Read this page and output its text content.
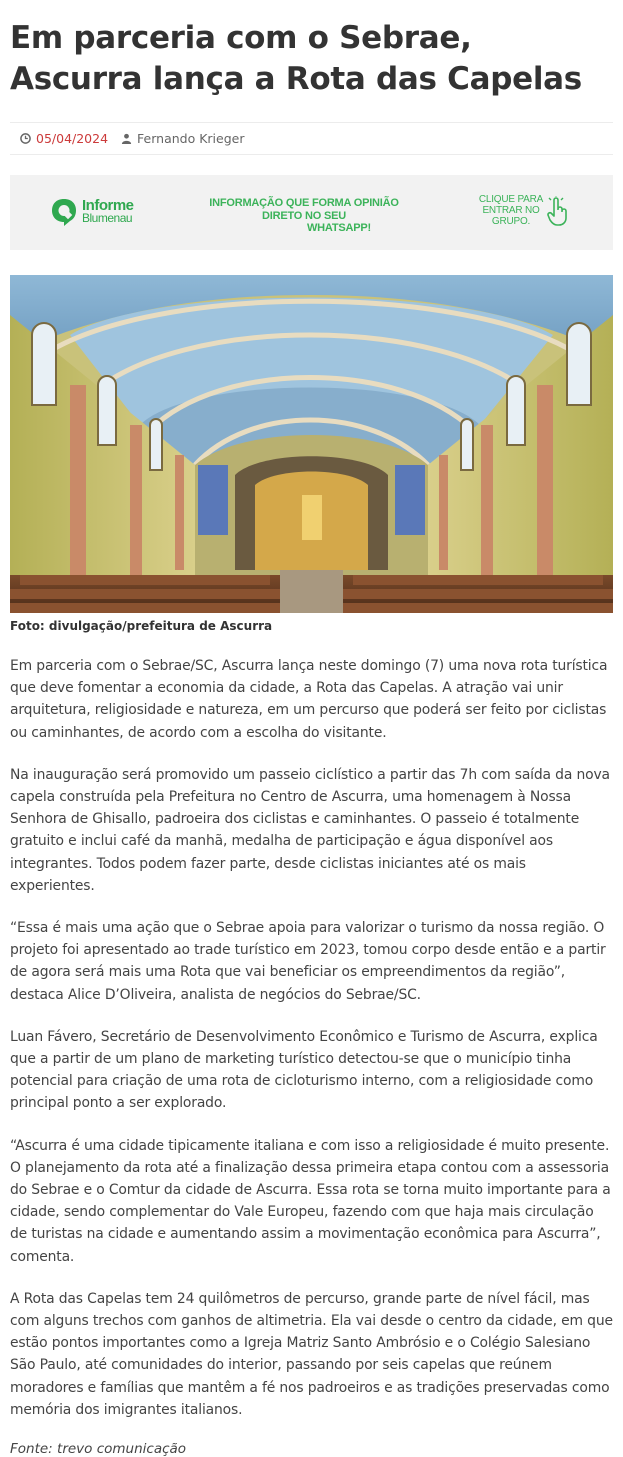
Em parceria com o Sebrae, Ascurra lança a Rota das Capelas
05/04/2024 Fernando Krieger
Informe
Blumenau
INFORMAÇÃO QUE FORMA OPINIÃO
DIRETO NO SEU
WHATSAPP!
CLIQUE PARA
ENTRAR NO
GRUPO.
Foto: divulgação/prefeitura de Ascurra

Em parceria com o Sebrae/SC, Ascurra lança neste domingo (7) uma nova rota turística que deve fomentar a economia da cidade, a Rota das Capelas. A atração vai unir arquitetura, religiosidade e natureza, em um percurso que poderá ser feito por ciclistas ou caminhantes, de acordo com a escolha do visitante.

Na inauguração será promovido um passeio ciclístico a partir das 7h com saída da nova capela construída pela Prefeitura no Centro de Ascurra, uma homenagem à Nossa Senhora de Ghisallo, padroeira dos ciclistas e caminhantes. O passeio é totalmente gratuito e inclui café da manhã, medalha de participação e água disponível aos integrantes. Todos podem fazer parte, desde ciclistas iniciantes até os mais experientes.

“Essa é mais uma ação que o Sebrae apoia para valorizar o turismo da nossa região. O projeto foi apresentado ao trade turístico em 2023, tomou corpo desde então e a partir de agora será mais uma Rota que vai beneficiar os empreendimentos da região”, destaca Alice D’Oliveira, analista de negócios do Sebrae/SC.

Luan Fávero, Secretário de Desenvolvimento Econômico e Turismo de Ascurra, explica que a partir de um plano de marketing turístico detectou-se que o município tinha potencial para criação de uma rota de cicloturismo interno, com a religiosidade como principal ponto a ser explorado.

“Ascurra é uma cidade tipicamente italiana e com isso a religiosidade é muito presente. O planejamento da rota até a finalização dessa primeira etapa contou com a assessoria do Sebrae e o Comtur da cidade de Ascurra. Essa rota se torna muito importante para a cidade, sendo complementar do Vale Europeu, fazendo com que haja mais circulação de turistas na cidade e aumentando assim a movimentação econômica para Ascurra”, comenta.

A Rota das Capelas tem 24 quilômetros de percurso, grande parte de nível fácil, mas com alguns trechos com ganhos de altimetria. Ela vai desde o centro da cidade, em que estão pontos importantes como a Igreja Matriz Santo Ambrósio e o Colégio Salesiano São Paulo, até comunidades do interior, passando por seis capelas que reúnem moradores e famílias que mantêm a fé nos padroeiros e as tradições preservadas como memória dos imigrantes italianos.

Fonte: trevo comunicação
